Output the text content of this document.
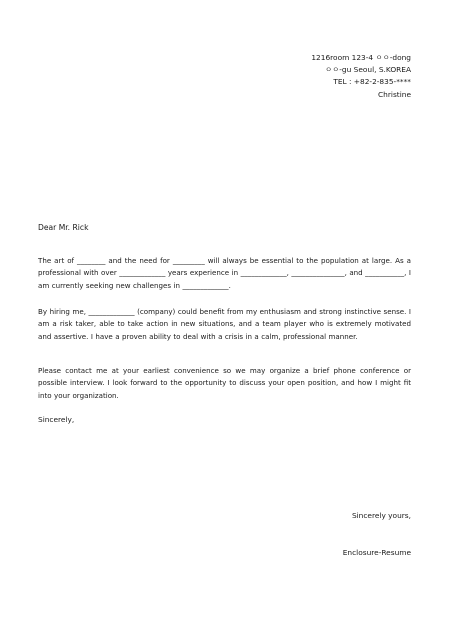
1216room 123-4 ㅇㅇ-dong
ㅇㅇ-gu Seoul, S.KOREA
TEL : +82-2-835-****
Christine
Dear Mr. Rick
The art of ________ and the need for _________ will always be essential to the population at large. As a professional with over _____________ years experience in _____________, _______________, and ___________, I am currently seeking new challenges in _____________.
By hiring me, _____________ (company) could benefit from my enthusiasm and strong instinctive sense. I am a risk taker, able to take action in new situations, and a team player who is extremely motivated and assertive. I have a proven ability to deal with a crisis in a calm, professional manner.
Please contact me at your earliest convenience so we may organize a brief phone conference or possible interview. I look forward to the opportunity to discuss your open position, and how I might fit into your organization.
Sincerely,
Sincerely yours,
Enclosure-Resume
